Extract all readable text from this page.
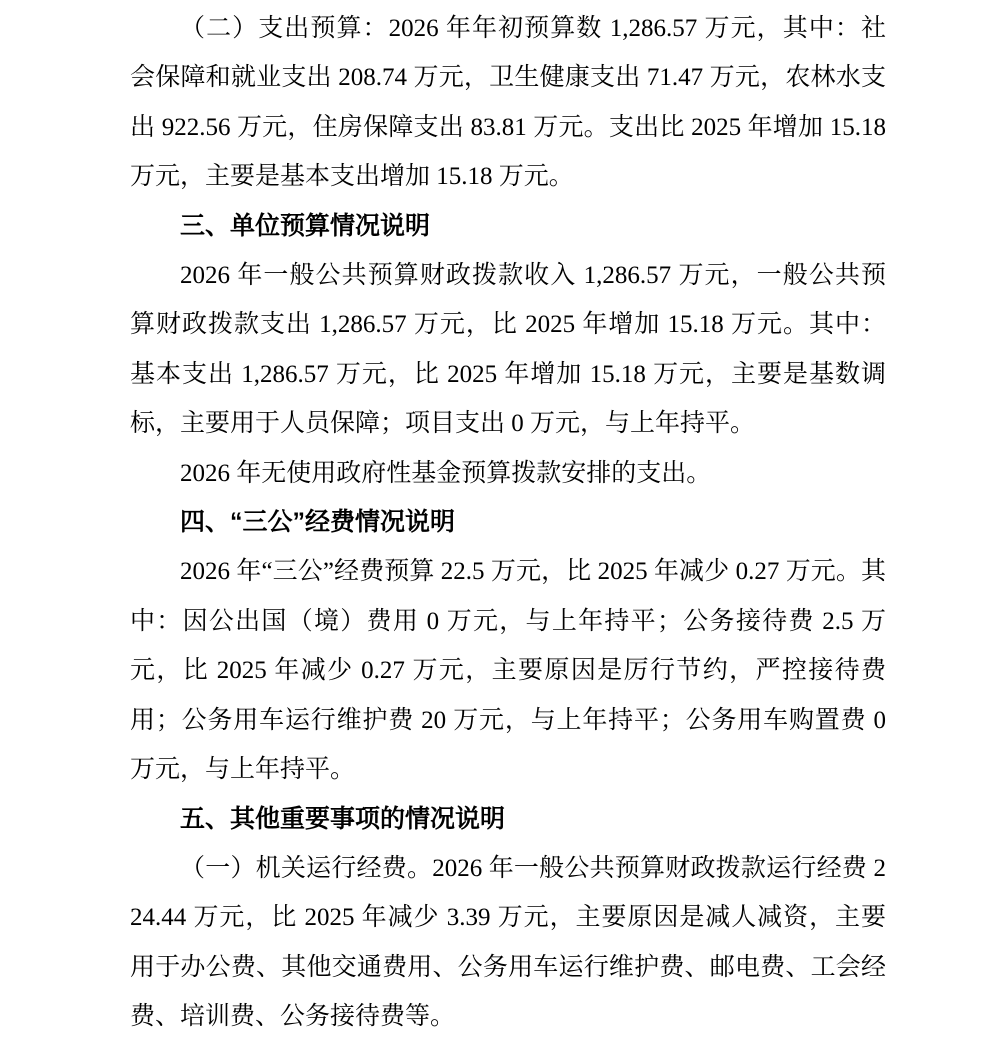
（二）支出预算：2026 年年初预算数 1,286.57 万元，其中：社会保障和就业支出 208.74 万元，卫生健康支出 71.47 万元，农林水支出 922.56 万元，住房保障支出 83.81 万元。支出比 2025 年增加 15.18 万元，主要是基本支出增加 15.18 万元。

三、单位预算情况说明

2026 年一般公共预算财政拨款收入 1,286.57 万元，一般公共预算财政拨款支出 1,286.57 万元，比 2025 年增加 15.18 万元。其中：基本支出 1,286.57 万元，比 2025 年增加 15.18 万元，主要是基数调标，主要用于人员保障；项目支出 0 万元，与上年持平。

2026 年无使用政府性基金预算拨款安排的支出。

四、“三公”经费情况说明

2026 年“三公”经费预算 22.5 万元，比 2025 年减少 0.27 万元。其中：因公出国（境）费用 0 万元，与上年持平；公务接待费 2.5 万元，比 2025 年减少 0.27 万元，主要原因是厉行节约，严控接待费用；公务用车运行维护费 20 万元，与上年持平；公务用车购置费 0 万元，与上年持平。

五、其他重要事项的情况说明

（一）机关运行经费。2026 年一般公共预算财政拨款运行经费 224.44 万元，比 2025 年减少 3.39 万元，主要原因是减人减资，主要用于办公费、其他交通费用、公务用车运行维护费、邮电费、工会经费、培训费、公务接待费等。
